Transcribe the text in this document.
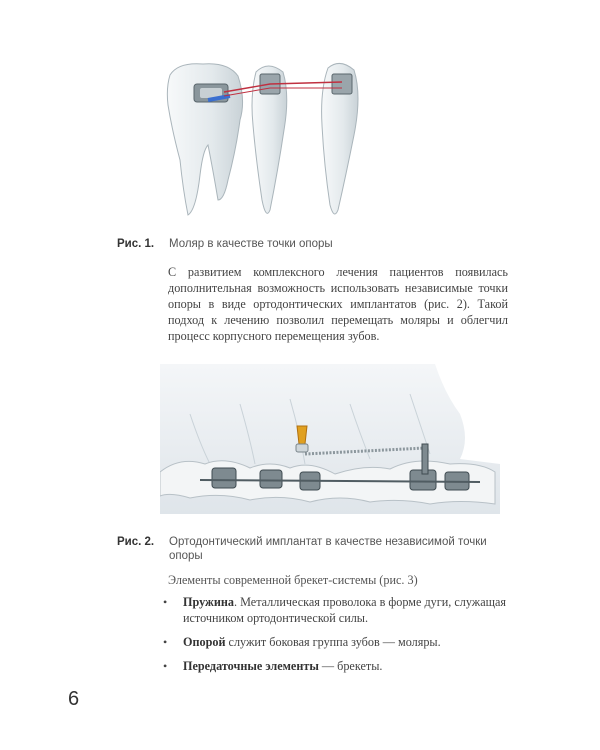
Рис. 1. Моляр в качестве точки опоры
С развитием комплексного лечения пациентов появилась дополнительная возможность использовать независимые точки опоры в виде ортодонтических имплантатов (рис. 2). Такой подход к лечению позволил перемещать моляры и облегчил процесс корпусного перемещения зубов.
Рис. 2. Ортодонтический имплантат в качестве независимой точки опоры
Элементы современной брекет-системы (рис. 3)
• Пружина. Металлическая проволока в форме дуги, служащая источником ортодонтической силы.
• Опорой служит боковая группа зубов — моляры.
• Передаточные элементы — брекеты.
6
